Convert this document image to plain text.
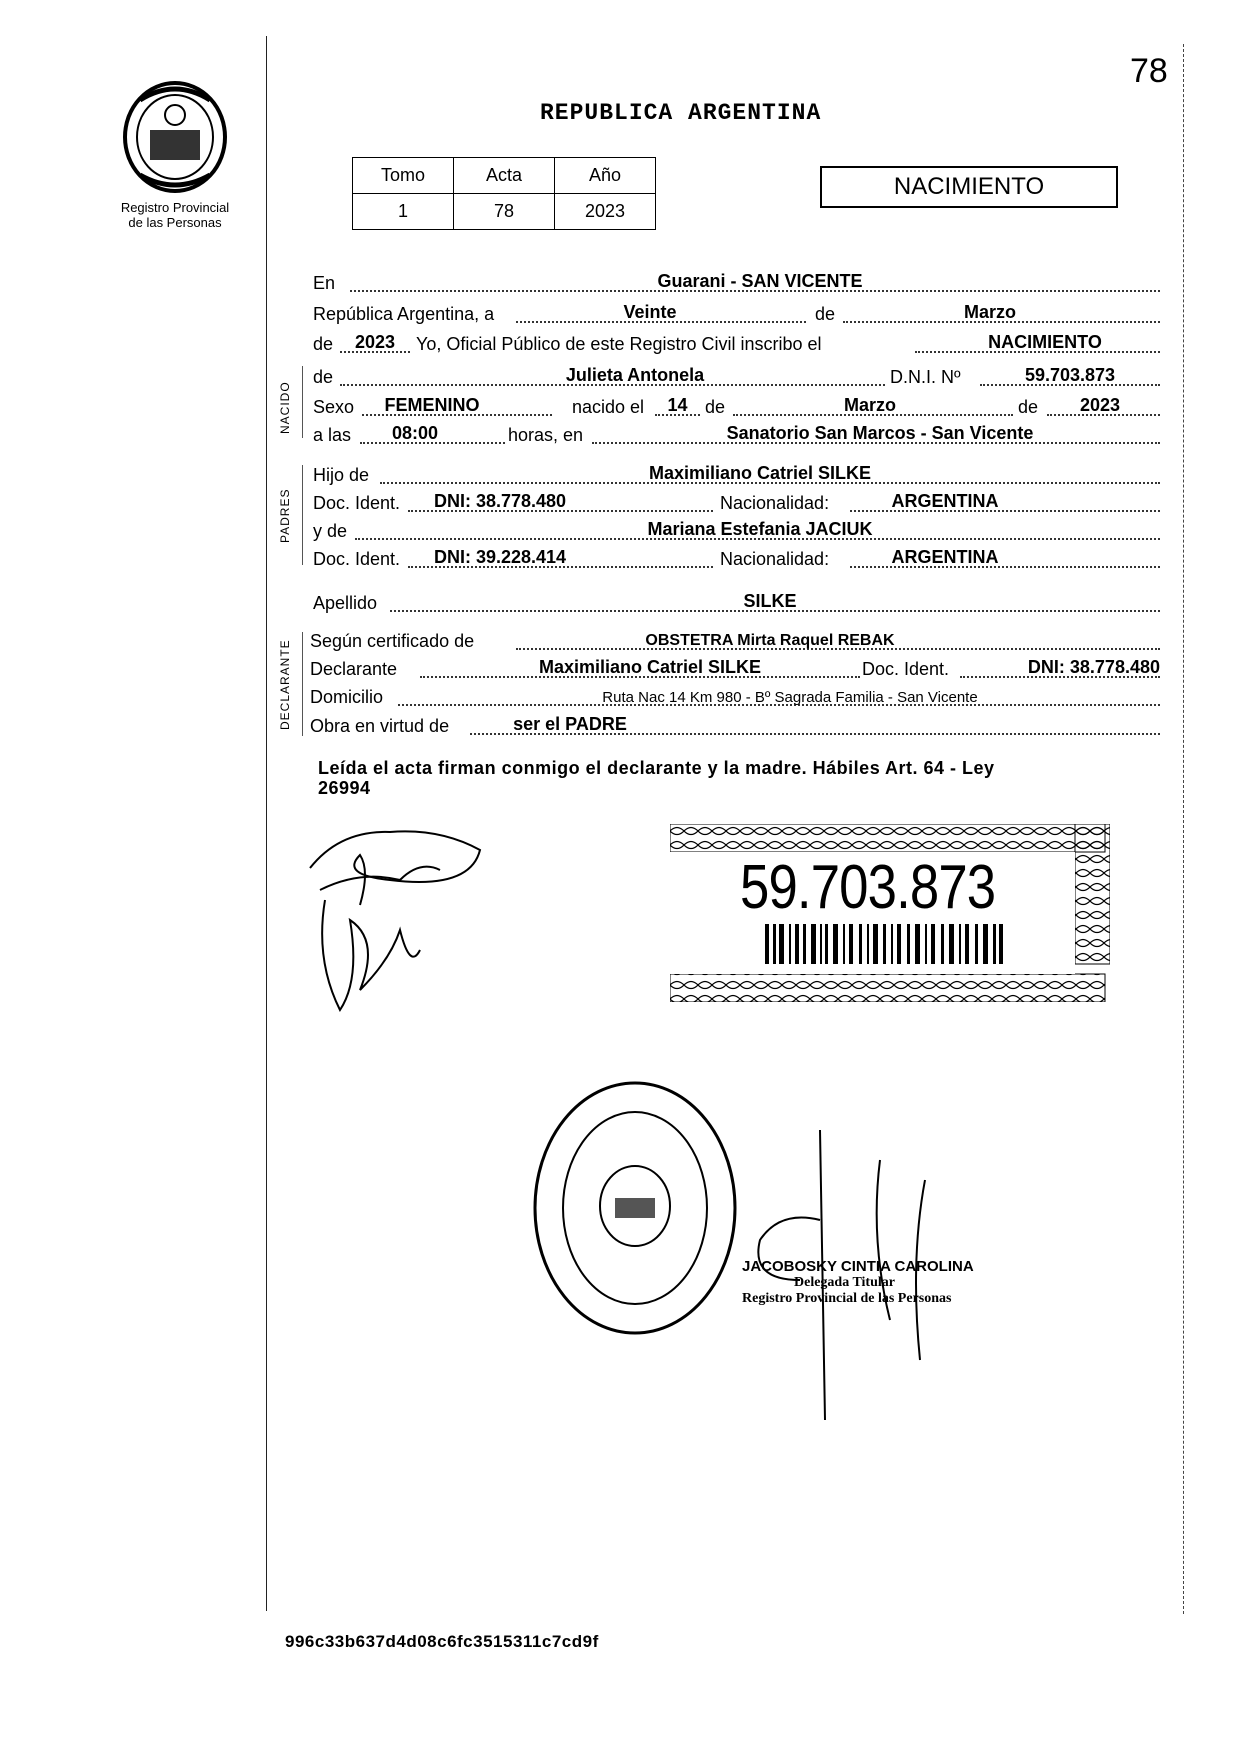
78
Registro Provincial
de las Personas
REPUBLICA ARGENTINA
Tomo	Acta	Año
1	78	2023
NACIMIENTO
NACIDO
PADRES
DECLARANTE
En	Guarani - SAN VICENTE
República Argentina, a	Veinte	de	Marzo
de	2023	Yo, Oficial Público de este Registro Civil inscribo el	NACIMIENTO
de	Julieta Antonela	D.N.I. Nº	59.703.873
Sexo	FEMENINO	nacido el	14 de	Marzo	de	2023
a las	08:00	horas, en	Sanatorio San Marcos - San Vicente
Hijo de	Maximiliano Catriel SILKE
Doc. Ident.	DNI: 38.778.480	Nacionalidad:	ARGENTINA
y de	Mariana Estefania JACIUK
Doc. Ident.	DNI: 39.228.414	Nacionalidad:	ARGENTINA
Apellido	SILKE
Según certificado de	OBSTETRA Mirta Raquel REBAK
Declarante	Maximiliano Catriel SILKE	Doc. Ident.	DNI: 38.778.480
Domicilio	Ruta Nac 14 Km 980 - Bº Sagrada Familia - San Vicente
Obra en virtud de	ser el PADRE
Leída el acta firman conmigo el declarante y la madre. Hábiles Art. 64 - Ley
26994
59.703.873
JACOBOSKY CINTIA CAROLINA
Delegada Titular
Registro Provincial de las Personas
996c33b637d4d08c6fc3515311c7cd9f
